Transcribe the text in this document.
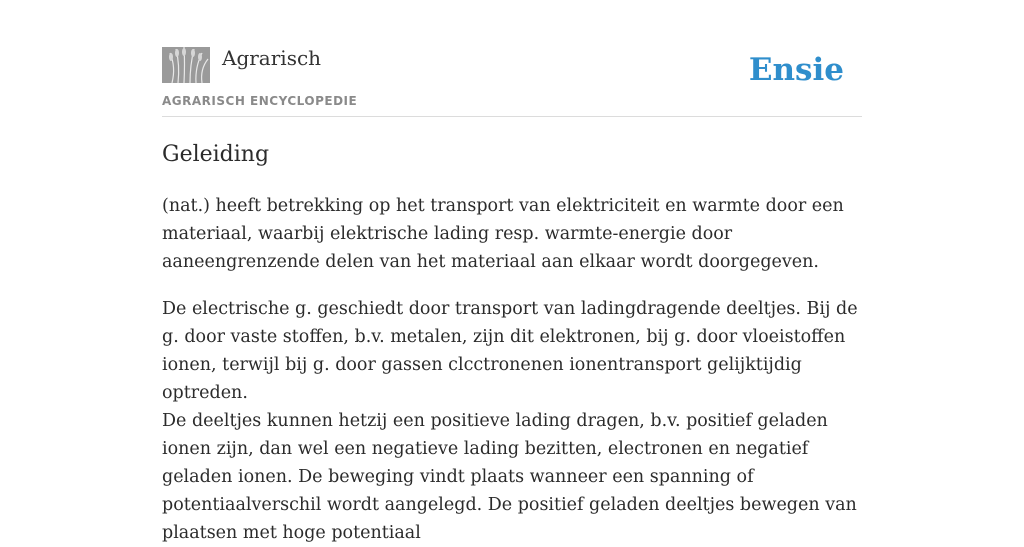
Agrarisch
AGRARISCH ENCYCLOPEDIE
Ensie
Geleiding

(nat.) heeft betrekking op het transport van elektriciteit en warmte door een materiaal, waarbij elektrische lading resp. warmte-energie door aaneengrenzende delen van het materiaal aan elkaar wordt doorgegeven.

De electrische g. geschiedt door transport van ladingdragende deeltjes. Bij de g. door vaste stoffen, b.v. metalen, zijn dit elektronen, bij g. door vloeistoffen ionen, terwijl bij g. door gassen clcctronenen ionentransport gelijktijdig optreden.

De deeltjes kunnen hetzij een positieve lading dragen, b.v. positief geladen ionen zijn, dan wel een negatieve lading bezitten, electronen en negatief geladen ionen. De beweging vindt plaats wanneer een spanning of potentiaalverschil wordt aangelegd. De positief geladen deeltjes bewegen van plaatsen met hoge potentiaal
